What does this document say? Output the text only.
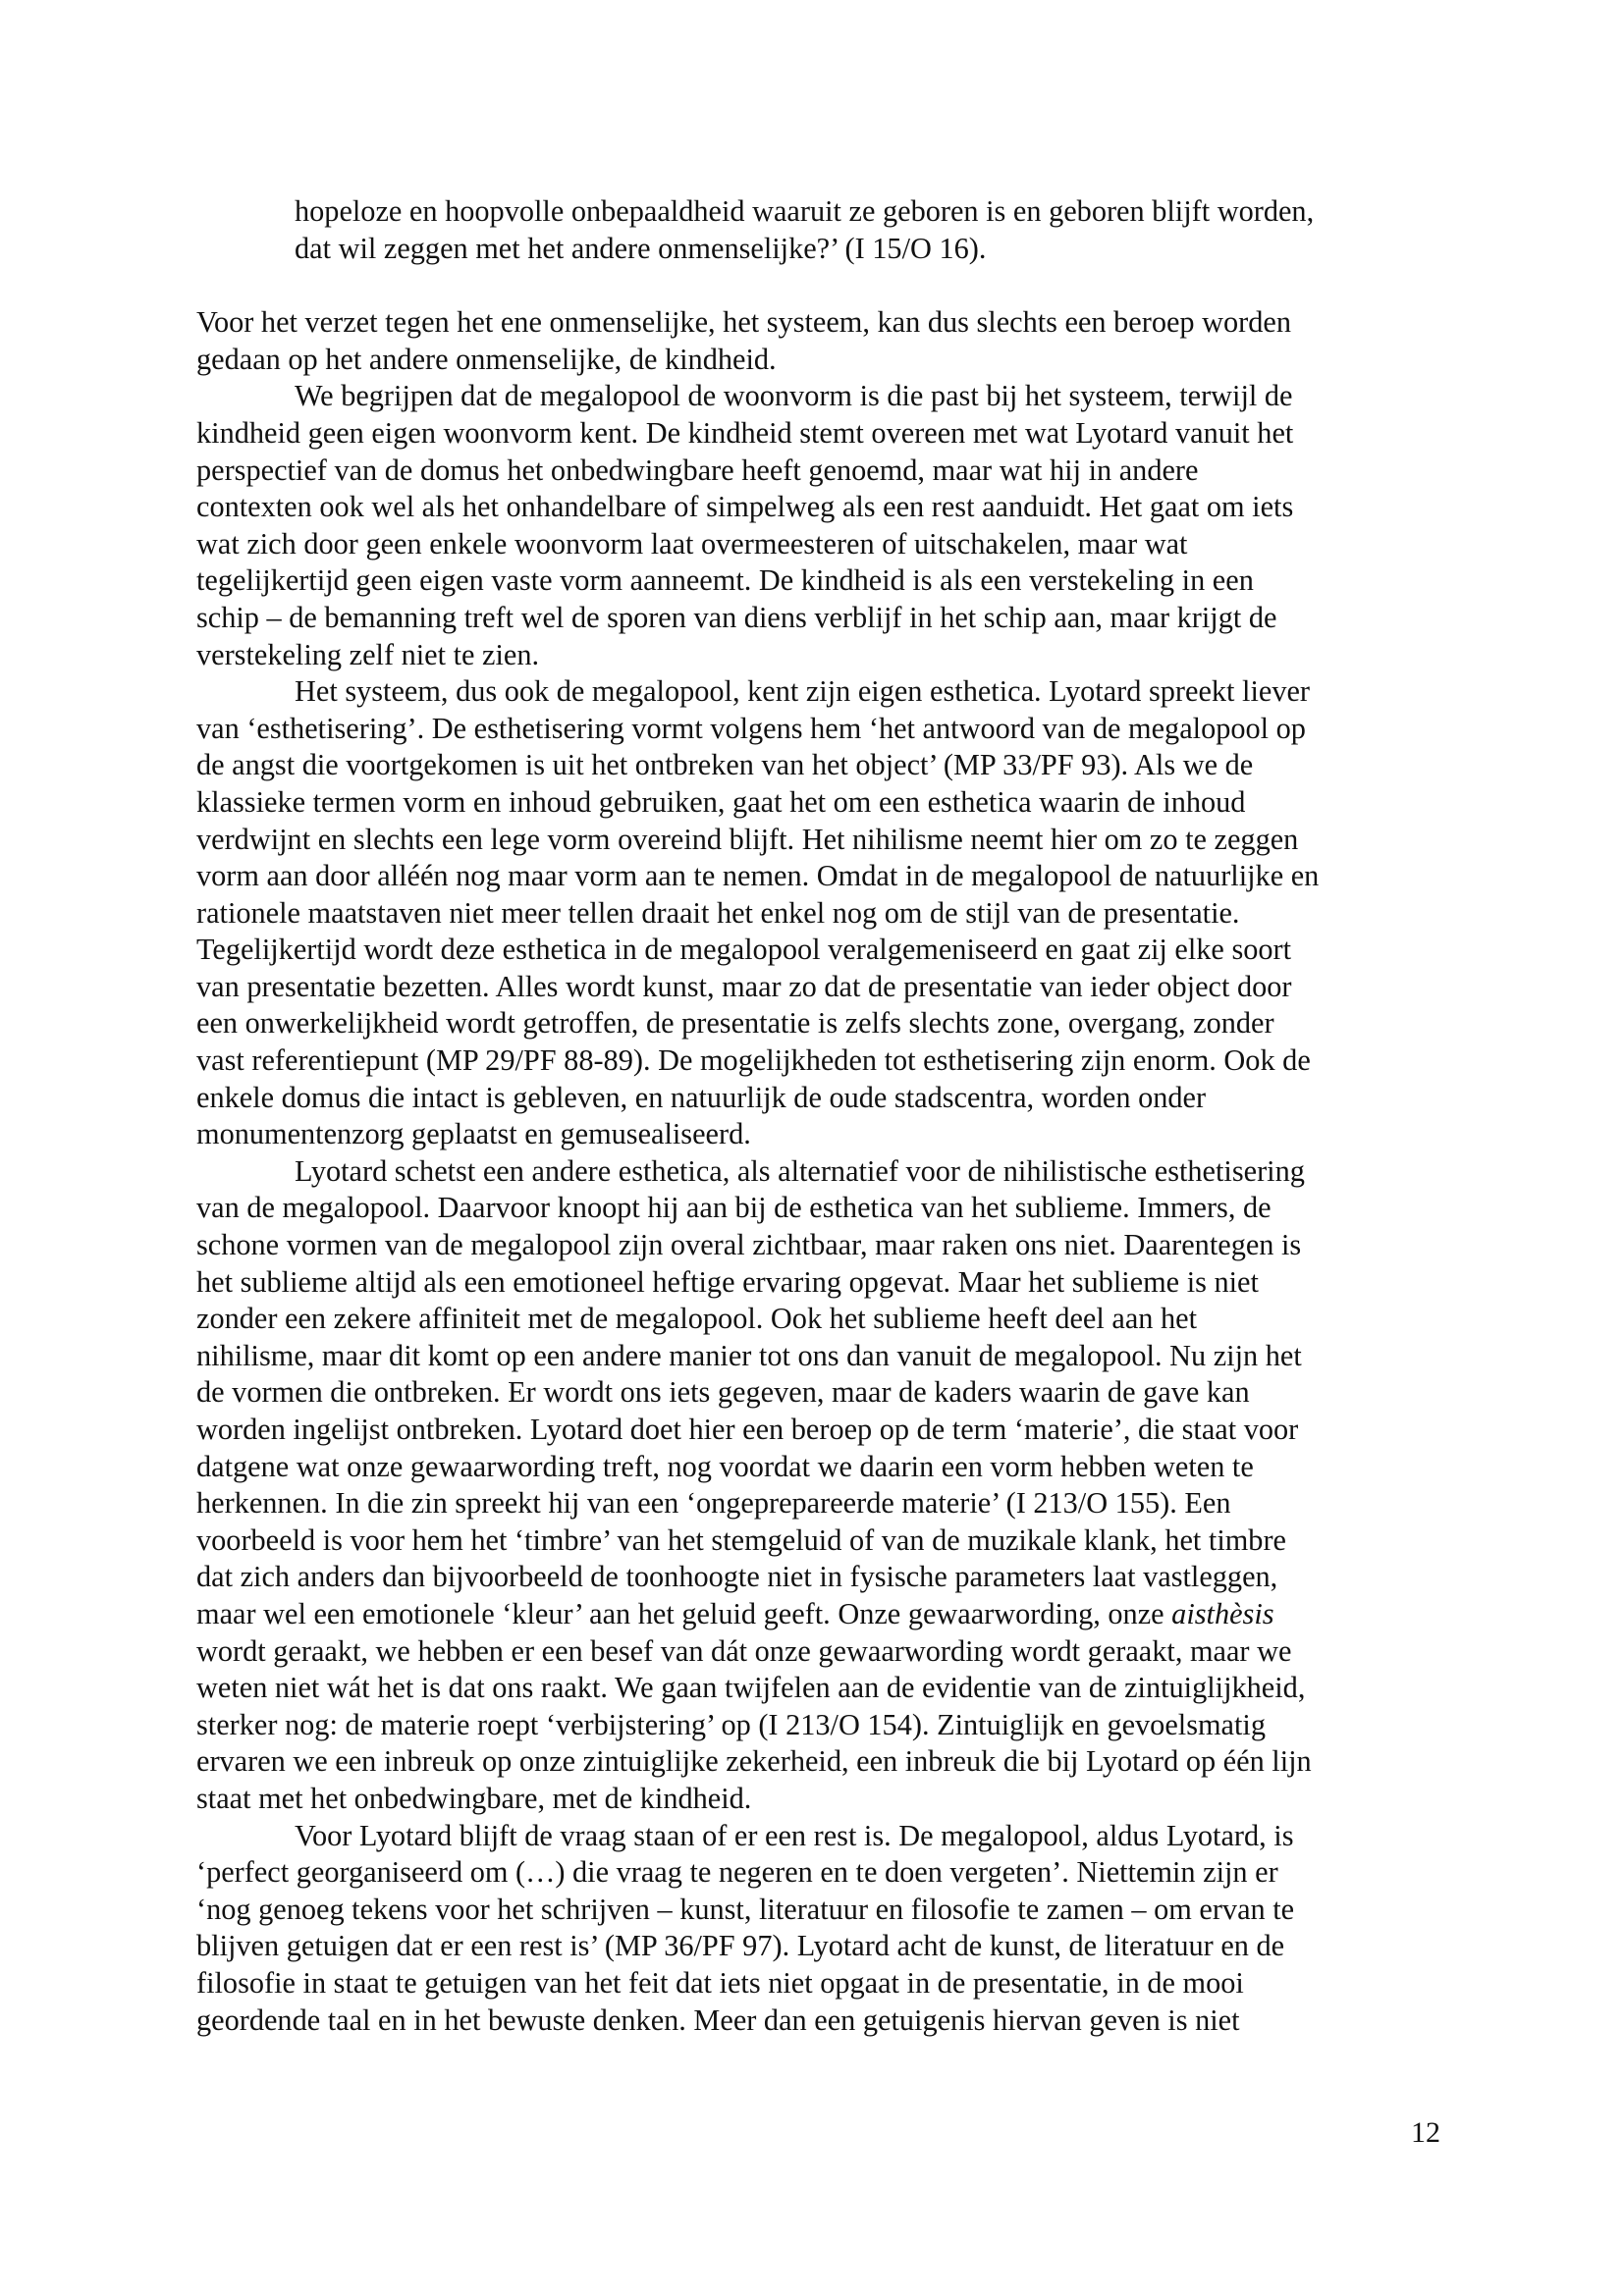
hopeloze en hoopvolle onbepaaldheid waaruit ze geboren is en geboren blijft worden,
dat wil zeggen met het andere onmenselijke?’ (I 15/O 16).
Voor het verzet tegen het ene onmenselijke, het systeem, kan dus slechts een beroep worden
gedaan op het andere onmenselijke, de kindheid.
We begrijpen dat de megalopool de woonvorm is die past bij het systeem, terwijl de
kindheid geen eigen woonvorm kent. De kindheid stemt overeen met wat Lyotard vanuit het
perspectief van de domus het onbedwingbare heeft genoemd, maar wat hij in andere
contexten ook wel als het onhandelbare of simpelweg als een rest aanduidt. Het gaat om iets
wat zich door geen enkele woonvorm laat overmeesteren of uitschakelen, maar wat
tegelijkertijd geen eigen vaste vorm aanneemt. De kindheid is als een verstekeling in een
schip – de bemanning treft wel de sporen van diens verblijf in het schip aan, maar krijgt de
verstekeling zelf niet te zien.
Het systeem, dus ook de megalopool, kent zijn eigen esthetica. Lyotard spreekt liever
van ‘esthetisering’. De esthetisering vormt volgens hem ‘het antwoord van de megalopool op
de angst die voortgekomen is uit het ontbreken van het object’ (MP 33/PF 93). Als we de
klassieke termen vorm en inhoud gebruiken, gaat het om een esthetica waarin de inhoud
verdwijnt en slechts een lege vorm overeind blijft. Het nihilisme neemt hier om zo te zeggen
vorm aan door alléén nog maar vorm aan te nemen. Omdat in de megalopool de natuurlijke en
rationele maatstaven niet meer tellen draait het enkel nog om de stijl van de presentatie.
Tegelijkertijd wordt deze esthetica in de megalopool veralgemeniseerd en gaat zij elke soort
van presentatie bezetten. Alles wordt kunst, maar zo dat de presentatie van ieder object door
een onwerkelijkheid wordt getroffen, de presentatie is zelfs slechts zone, overgang, zonder
vast referentiepunt (MP 29/PF 88-89). De mogelijkheden tot esthetisering zijn enorm. Ook de
enkele domus die intact is gebleven, en natuurlijk de oude stadscentra, worden onder
monumentenzorg geplaatst en gemusealiseerd.
Lyotard schetst een andere esthetica, als alternatief voor de nihilistische esthetisering
van de megalopool. Daarvoor knoopt hij aan bij de esthetica van het sublieme. Immers, de
schone vormen van de megalopool zijn overal zichtbaar, maar raken ons niet. Daarentegen is
het sublieme altijd als een emotioneel heftige ervaring opgevat. Maar het sublieme is niet
zonder een zekere affiniteit met de megalopool. Ook het sublieme heeft deel aan het
nihilisme, maar dit komt op een andere manier tot ons dan vanuit de megalopool. Nu zijn het
de vormen die ontbreken. Er wordt ons iets gegeven, maar de kaders waarin de gave kan
worden ingelijst ontbreken. Lyotard doet hier een beroep op de term ‘materie’, die staat voor
datgene wat onze gewaarwording treft, nog voordat we daarin een vorm hebben weten te
herkennen. In die zin spreekt hij van een ‘ongeprepareerde materie’ (I 213/O 155). Een
voorbeeld is voor hem het ‘timbre’ van het stemgeluid of van de muzikale klank, het timbre
dat zich anders dan bijvoorbeeld de toonhoogte niet in fysische parameters laat vastleggen,
maar wel een emotionele ‘kleur’ aan het geluid geeft. Onze gewaarwording, onze aisthèsis
wordt geraakt, we hebben er een besef van dát onze gewaarwording wordt geraakt, maar we
weten niet wát het is dat ons raakt. We gaan twijfelen aan de evidentie van de zintuiglijkheid,
sterker nog: de materie roept ‘verbijstering’ op (I 213/O 154). Zintuiglijk en gevoelsmatig
ervaren we een inbreuk op onze zintuiglijke zekerheid, een inbreuk die bij Lyotard op één lijn
staat met het onbedwingbare, met de kindheid.
Voor Lyotard blijft de vraag staan of er een rest is. De megalopool, aldus Lyotard, is
‘perfect georganiseerd om (…) die vraag te negeren en te doen vergeten’. Niettemin zijn er
‘nog genoeg tekens voor het schrijven – kunst, literatuur en filosofie te zamen – om ervan te
blijven getuigen dat er een rest is’ (MP 36/PF 97). Lyotard acht de kunst, de literatuur en de
filosofie in staat te getuigen van het feit dat iets niet opgaat in de presentatie, in de mooi
geordende taal en in het bewuste denken. Meer dan een getuigenis hiervan geven is niet
12
